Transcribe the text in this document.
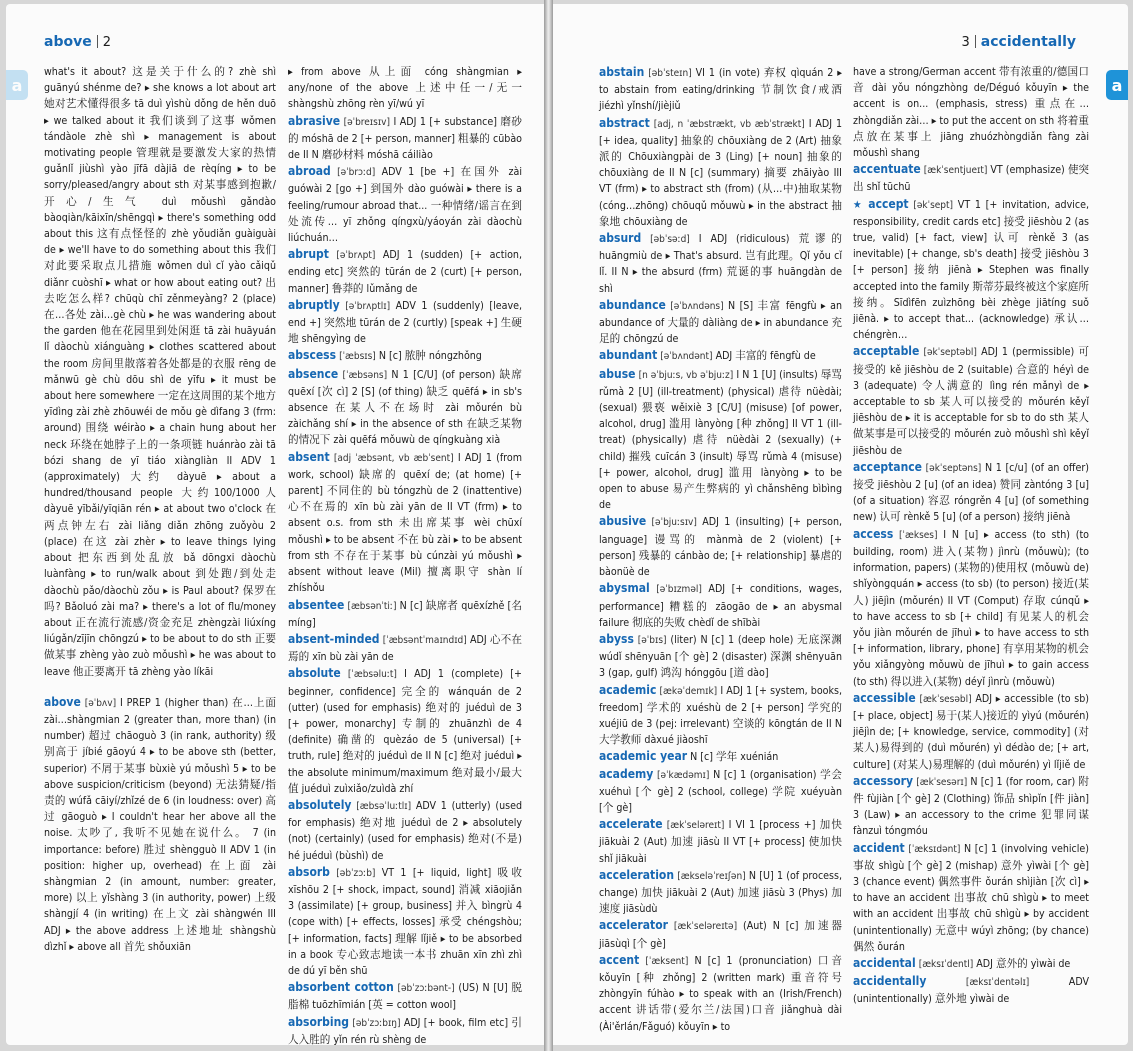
above 2
a

what's it about? 这是关于什么的? zhè shì guānyú shénme de? ▸ she knows a lot about art 她对艺术懂得很多 tā duì yìshù dǒng de hěn duō ▸ we talked about it 我们谈到了这事 wǒmen tándàole zhè shì ▸ management is about motivating people 管理就是要激发大家的热情 guǎnlǐ jiùshì yào jīfā dàjiā de rèqíng ▸ to be sorry/pleased/angry about sth 对某事感到抱歉/开心/生气 duì mǒushì gǎndào bàoqiàn/kāixīn/shēngqì ▸ there's something odd about this 这有点怪怪的 zhè yǒudiǎn guàiguài de ▸ we'll have to do something about this 我们对此要采取点儿措施 wǒmen duì cǐ yào cǎiqǔ diǎnr cuòshī ▸ what or how about eating out? 出去吃怎么样? chūqù chī zěnmeyàng? 2 (place) 在…各处 zài…gè chù ▸ he was wandering about the garden 他在花园里到处闲逛 tā zài huāyuán lǐ dàochù xiánguàng ▸ clothes scattered about the room 房间里散落着各处都是的衣服 rēng de mǎnwū gè chù dōu shì de yīfu ▸ it must be about here somewhere 一定在这周围的某个地方 yīdìng zài zhè zhōuwéi de mǒu gè dìfang 3 (frm: around) 围绕 wéirào ▸ a chain hung about her neck 环绕在她脖子上的一条项链 huánrào zài tā bózi shang de yī tiáo xiàngliàn II ADV 1 (approximately) 大约 dàyuē ▸ about a hundred/thousand people 大约100/1000人 dàyuē yībǎi/yīqiān rén ▸ at about two o'clock 在两点钟左右 zài liǎng diǎn zhōng zuǒyòu 2 (place) 在这 zài zhèr ▸ to leave things lying about 把东西到处乱放 bǎ dōngxi dàochù luànfàng ▸ to run/walk about 到处跑/到处走 dàochù pǎo/dàochù zǒu ▸ is Paul about? 保罗在吗? Bǎoluó zài ma? ▸ there's a lot of flu/money about 正在流行流感/资金充足 zhèngzài liúxíng liúgǎn/zījīn chōngzú ▸ to be about to do sth 正要做某事 zhèng yào zuò mǒushì ▸ he was about to leave 他正要离开 tā zhèng yào líkāi

above [əˈbʌv] I PREP 1 (higher than) 在…上面 zài…shàngmian 2 (greater than, more than) (in number) 超过 chāoguò 3 (in rank, authority) 级别高于 jíbié gāoyú 4 ▸ to be above sth (better, superior) 不屑于某事 bùxiè yú mǒushì 5 ▸ to be above suspicion/criticism (beyond) 无法猜疑/指责的 wúfǎ cāiyí/zhǐzé de 6 (in loudness: over) 高过 gāoguò ▸ I couldn't hear her above all the noise. 太吵了, 我听不见她在说什么。 7 (in importance: before) 胜过 shèngguò II ADV 1 (in position: higher up, overhead) 在上面 zài shàngmian 2 (in amount, number: greater, more) 以上 yǐshàng 3 (in authority, power) 上级 shàngjí 4 (in writing) 在上文 zài shàngwén III ADJ ▸ the above address 上述地址 shàngshù dìzhǐ ▸ above all 首先 shǒuxiān

▸ from above 从上面 cóng shàngmian ▸ any/none of the above 上述中任一/无一 shàngshù zhōng rèn yī/wú yī

abrasive [əˈbreɪsɪv] I ADJ 1 [+ substance] 磨砂的 móshā de 2 [+ person, manner] 粗暴的 cūbào de II N 磨砂材料 móshā cáiliào

abroad [əˈbrɔːd] ADV 1 [be +] 在国外 zài guówài 2 [go +] 到国外 dào guówài ▸ there is a feeling/rumour abroad that... 一种情绪/谣言在到处流传… yī zhǒng qíngxù/yáoyán zài dàochù liúchuán…

abrupt [əˈbrʌpt] ADJ 1 (sudden) [+ action, ending etc] 突然的 tūrán de 2 (curt) [+ person, manner] 鲁莽的 lǔmǎng de

abruptly [əˈbrʌptlɪ] ADV 1 (suddenly) [leave, end +] 突然地 tūrán de 2 (curtly) [speak +] 生硬地 shēngyìng de

abscess [ˈæbsɪs] N [c] 脓肿 nóngzhǒng

absence [ˈæbsəns] N 1 [C/U] (of person) 缺席 quēxí [次 cì] 2 [S] (of thing) 缺乏 quēfá ▸ in sb's absence 在某人不在场时 zài mǒurén bù zàichǎng shí ▸ in the absence of sth 在缺乏某物的情况下 zài quēfá mǒuwù de qíngkuàng xià

absent [adj ˈæbsənt, vb æbˈsent] I ADJ 1 (from work, school) 缺席的 quēxí de; (at home) [+ parent] 不同住的 bù tóngzhù de 2 (inattentive) 心不在焉的 xīn bù zài yān de II VT (frm) ▸ to absent o.s. from sth 未出席某事 wèi chūxí mǒushì ▸ to be absent 不在 bù zài ▸ to be absent from sth 不存在于某事 bù cúnzài yú mǒushì ▸ absent without leave (Mil) 擅离职守 shàn lí zhíshǒu

absentee [æbsənˈtiː] N [c] 缺席者 quēxízhě [名 míng]

absent-minded [ˈæbsəntˈmaɪndɪd] ADJ 心不在焉的 xīn bù zài yān de

absolute [ˈæbsəluːt] I ADJ 1 (complete) [+ beginner, confidence] 完全的 wánquán de 2 (utter) (used for emphasis) 绝对的 juéduì de 3 [+ power, monarchy] 专制的 zhuānzhì de 4 (definite) 确凿的 quèzáo de 5 (universal) [+ truth, rule] 绝对的 juéduì de II N [c] 绝对 juéduì ▸ the absolute minimum/maximum 绝对最小/最大值 juéduì zuìxiǎo/zuìdà zhí

absolutely [æbsəˈluːtlɪ] ADV 1 (utterly) (used for emphasis) 绝对地 juéduì de 2 ▸ absolutely (not) (certainly) (used for emphasis) 绝对(不是) hé juéduì (bùshì) de

absorb [əbˈzɔːb] VT 1 [+ liquid, light] 吸收 xīshōu 2 [+ shock, impact, sound] 消减 xiāojiǎn 3 (assimilate) [+ group, business] 并入 bìngrù 4 (cope with) [+ effects, losses] 承受 chéngshòu; [+ information, facts] 理解 lǐjiě ▸ to be absorbed in a book 专心致志地读一本书 zhuān xīn zhì zhì de dú yī běn shū

absorbent cotton [əbˈzɔːbənt-] (US) N [U] 脱脂棉 tuōzhīmián [英 = cotton wool]

absorbing [əbˈzɔːbɪŋ] ADJ [+ book, film etc] 引人入胜的 yǐn rén rù shèng de

3 accidentally
a

abstain [əbˈsteɪn] VI 1 (in vote) 弃权 qìquán 2 ▸ to abstain from eating/drinking 节制饮食/戒酒 jiézhì yǐnshí/jièjiǔ

abstract [adj, n ˈæbstrækt, vb æbˈstrækt] I ADJ 1 [+ idea, quality] 抽象的 chōuxiàng de 2 (Art) 抽象派的 Chōuxiàngpài de 3 (Ling) [+ noun] 抽象的 chōuxiàng de II N [c] (summary) 摘要 zhāiyào III VT (frm) ▸ to abstract sth (from) (从…中)抽取某物 (cóng…zhōng) chōuqǔ mǒuwù ▸ in the abstract 抽象地 chōuxiàng de

absurd [əbˈsəːd] I ADJ (ridiculous) 荒谬的 huāngmiù de ▸ That's absurd. 岂有此理。Qǐ yǒu cǐ lǐ. II N ▸ the absurd (frm) 荒诞的事 huāngdàn de shì

abundance [əˈbʌndəns] N [S] 丰富 fēngfù ▸ an abundance of 大量的 dàliàng de ▸ in abundance 充足的 chōngzú de

abundant [əˈbʌndənt] ADJ 丰富的 fēngfù de

abuse [n əˈbjuːs, vb əˈbjuːz] I N 1 [U] (insults) 辱骂 rǔmà 2 [U] (ill-treatment) (physical) 虐待 nüèdài; (sexual) 猥亵 wěixiè 3 [C/U] (misuse) [of power, alcohol, drug] 滥用 lànyòng [种 zhǒng] II VT 1 (ill-treat) (physically) 虐待 nüèdài 2 (sexually) (+ child) 摧残 cuīcán 3 (insult) 辱骂 rǔmà 4 (misuse) [+ power, alcohol, drug] 滥用 lànyòng ▸ to be open to abuse 易产生弊病的 yì chǎnshēng bìbìng de

abusive [əˈbjuːsɪv] ADJ 1 (insulting) [+ person, language] 谩骂的 mànmà de 2 (violent) [+ person] 残暴的 cánbào de; [+ relationship] 暴虐的 bàonüè de

abysmal [əˈbɪzməl] ADJ [+ conditions, wages, performance] 糟糕的 zāogāo de ▸ an abysmal failure 彻底的失败 chèdǐ de shībài

abyss [əˈbɪs] (liter) N [c] 1 (deep hole) 无底深渊 wúdǐ shēnyuān [个 gè] 2 (disaster) 深渊 shēnyuān 3 (gap, gulf) 鸿沟 hónggōu [道 dào]

academic [ækəˈdemɪk] I ADJ 1 [+ system, books, freedom] 学术的 xuéshù de 2 [+ person] 学究的 xuéjiū de 3 (pej: irrelevant) 空谈的 kōngtán de II N 大学教师 dàxué jiàoshī

academic year N [c] 学年 xuénián

academy [əˈkædəmɪ] N [c] 1 (organisation) 学会 xuéhuì [个 gè] 2 (school, college) 学院 xuéyuàn [个 gè]

accelerate [ækˈseləreɪt] I VI 1 [process +] 加快 jiākuài 2 (Aut) 加速 jiāsù II VT [+ process] 使加快 shǐ jiākuài

acceleration [ækseləˈreɪʃən] N [U] 1 (of process, change) 加快 jiākuài 2 (Aut) 加速 jiāsù 3 (Phys) 加速度 jiāsùdù

accelerator [ækˈseləreɪtə] (Aut) N [c] 加速器 jiāsùqì [个 gè]

accent [ˈæksent] N [c] 1 (pronunciation) 口音 kǒuyīn [种 zhǒng] 2 (written mark) 重音符号 zhòngyīn fúhào ▸ to speak with an (Irish/French) accent 讲话带(爱尔兰/法国)口音 jiǎnghuà dài (Ài'ěrlán/Fǎguó) kǒuyīn ▸ to

have a strong/German accent 带有浓重的/德国口音 dài yǒu nóngzhòng de/Déguó kǒuyīn ▸ the accent is on... (emphasis, stress) 重点在… zhòngdiǎn zài… ▸ to put the accent on sth 将着重点放在某事上 jiāng zhuózhòngdiǎn fàng zài mǒushì shang

accentuate [ækˈsentjueɪt] VT (emphasize) 使突出 shǐ tūchū

★ accept [əkˈsept] VT 1 [+ invitation, advice, responsibility, credit cards etc] 接受 jiēshòu 2 (as true, valid) [+ fact, view] 认可 rènkě 3 (as inevitable) [+ change, sb's death] 接受 jiēshòu 3 [+ person] 接纳 jiēnà ▸ Stephen was finally accepted into the family 斯蒂芬最终被这个家庭所接纳。Sīdìfēn zuìzhōng bèi zhège jiātíng suǒ jiēnà. ▸ to accept that... (acknowledge) 承认… chéngrèn…

acceptable [əkˈseptəbl] ADJ 1 (permissible) 可接受的 kě jiēshòu de 2 (suitable) 合意的 héyì de 3 (adequate) 令人满意的 lìng rén mǎnyì de ▸ acceptable to sb 某人可以接受的 mǒurén kěyǐ jiēshòu de ▸ it is acceptable for sb to do sth 某人做某事是可以接受的 mǒurén zuò mǒushì shì kěyǐ jiēshòu de

acceptance [əkˈseptəns] N 1 [c/u] (of an offer) 接受 jiēshòu 2 [u] (of an idea) 赞同 zàntóng 3 [u] (of a situation) 容忍 róngrěn 4 [u] (of something new) 认可 rènkě 5 [u] (of a person) 接纳 jiēnà

access [ˈækses] I N [u] ▸ access (to sth) (to building, room) 进入(某物) jìnrù (mǒuwù); (to information, papers) (某物的)使用权 (mǒuwù de) shǐyòngquán ▸ access (to sb) (to person) 接近(某人) jiējìn (mǒurén) II VT (Comput) 存取 cúnqǔ ▸ to have access to sb [+ child] 有见某人的机会 yǒu jiàn mǒurén de jīhuì ▸ to have access to sth [+ information, library, phone] 有享用某物的机会 yǒu xiǎngyòng mǒuwù de jīhuì ▸ to gain access (to sth) 得以进入(某物) déyǐ jìnrù (mǒuwù)

accessible [ækˈsesəbl] ADJ ▸ accessible (to sb) [+ place, object] 易于(某人)接近的 yìyú (mǒurén) jiējìn de; [+ knowledge, service, commodity] (对某人)易得到的 (duì mǒurén) yì dédào de; [+ art, culture] (对某人)易理解的 (duì mǒurén) yì lǐjiě de

accessory [ækˈsesərɪ] N [c] 1 (for room, car) 附件 fùjiàn [个 gè] 2 (Clothing) 饰品 shìpǐn [件 jiàn] 3 (Law) ▸ an accessory to the crime 犯罪同谋 fànzuì tóngmóu

accident [ˈæksɪdənt] N [c] 1 (involving vehicle) 事故 shìgù [个 gè] 2 (mishap) 意外 yìwài [个 gè] 3 (chance event) 偶然事件 ǒurán shìjiàn [次 cì] ▸ to have an accident 出事故 chū shìgù ▸ to meet with an accident 出事故 chū shìgù ▸ by accident (unintentionally) 无意中 wúyì zhōng; (by chance) 偶然 ǒurán

accidental [æksɪˈdentl] ADJ 意外的 yìwài de

accidentally	[æksɪˈdentəlɪ]	ADV (unintentionally) 意外地 yìwài de
